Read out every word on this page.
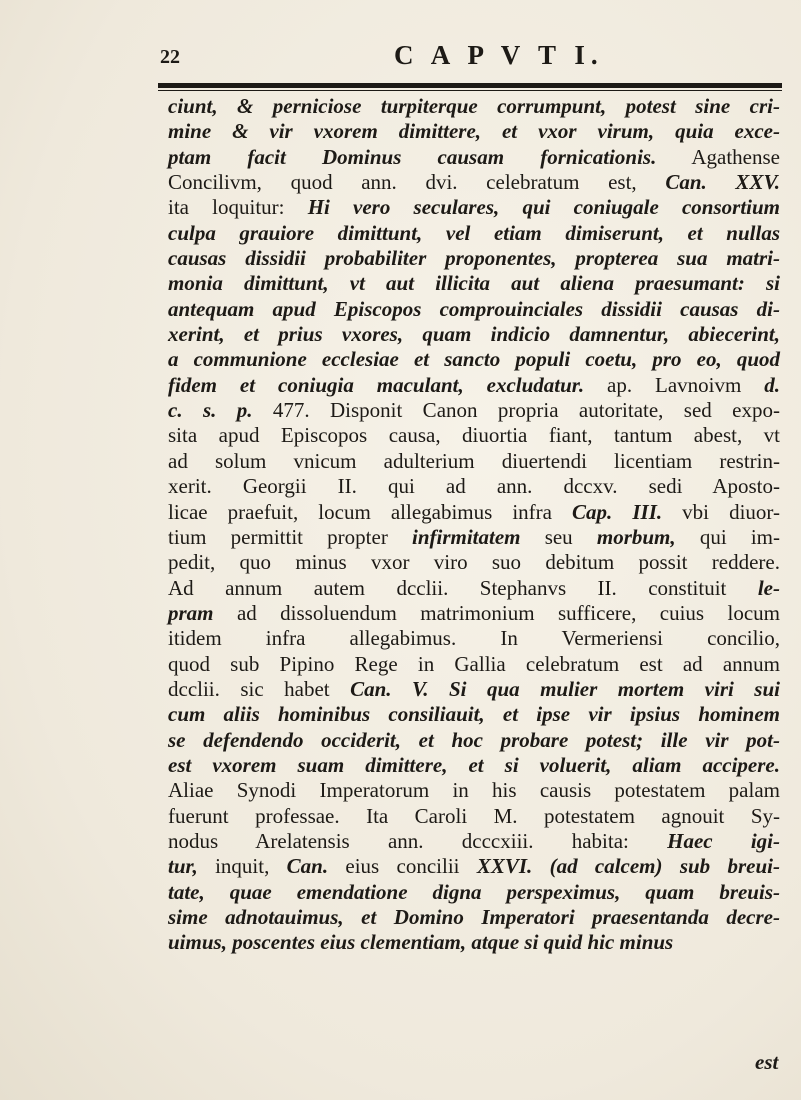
22	C A P V T I.
ciunt, & perniciose turpiterque corrumpunt, potest sine cri-
mine & vir vxorem dimittere, et vxor virum, quia exce-
ptam facit Dominus causam fornicationis. Agathense
Concilivm, quod ann. dvi. celebratum est, Can. XXV.
ita loquitur: Hi vero seculares, qui coniugale consortium
culpa grauiore dimittunt, vel etiam dimiserunt, et nullas
causas dissidii probabiliter proponentes, propterea sua matri-
monia dimittunt, vt aut illicita aut aliena praesumant: si
antequam apud Episcopos comprouinciales dissidii causas di-
xerint, et prius vxores, quam indicio damnentur, abiecerint,
a communione ecclesiae et sancto populi coetu, pro eo, quod
fidem et coniugia maculant, excludatur. ap. Lavnoivm d.
c. s. p. 477. Disponit Canon propria autoritate, sed expo-
sita apud Episcopos causa, diuortia fiant, tantum abest, vt
ad solum vnicum adulterium diuertendi licentiam restrin-
xerit. Georgii II. qui ad ann. dccxv. sedi Aposto-
licae praefuit, locum allegabimus infra Cap. III. vbi diuor-
tium permittit propter infirmitatem seu morbum, qui im-
pedit, quo minus vxor viro suo debitum possit reddere.
Ad annum autem dcclii. Stephanvs II. constituit le-
pram ad dissoluendum matrimonium sufficere, cuius locum
itidem infra allegabimus. In Vermeriensi concilio,
quod sub Pipino Rege in Gallia celebratum est ad annum
dcclii. sic habet Can. V. Si qua mulier mortem viri sui
cum aliis hominibus consiliauit, et ipse vir ipsius hominem
se defendendo occiderit, et hoc probare potest; ille vir pot-
est vxorem suam dimittere, et si voluerit, aliam accipere.
Aliae Synodi Imperatorum in his causis potestatem palam
fuerunt professae. Ita Caroli M. potestatem agnouit Sy-
nodus Arelatensis ann. dcccxiii. habita: Haec igi-
tur, inquit, Can. eius concilii XXVI. (ad calcem) sub breui-
tate, quae emendatione digna perspeximus, quam breuis-
sime adnotauimus, et Domino Imperatori praesentanda decre-
uimus, poscentes eius clementiam, atque si quid hic minus
est
